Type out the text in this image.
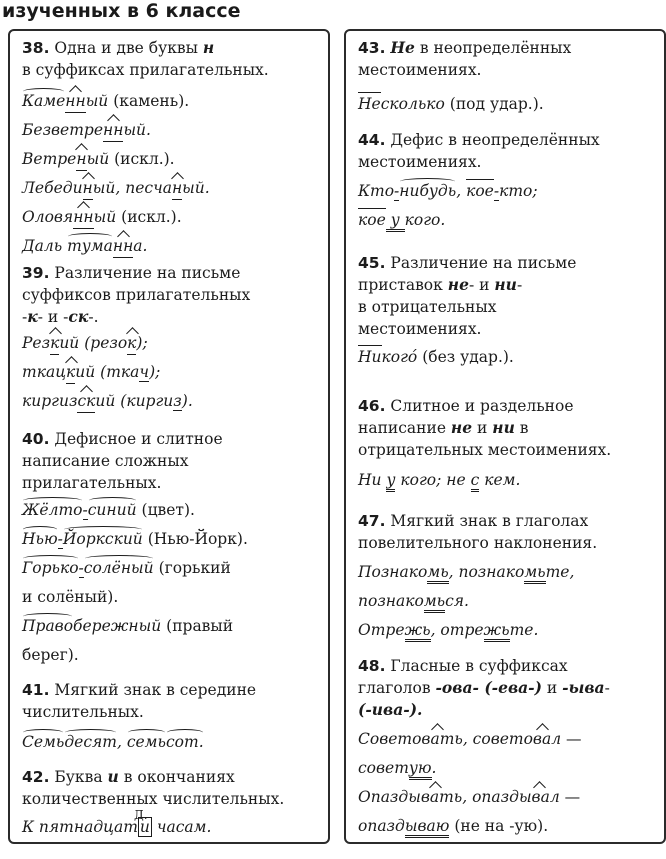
изученных в 6 классе
38. Одна и две буквы н
в суффиксах прилагательных.
Каменный (камень).
Безветренный.
Ветреный (искл.).
Лебединый, песчаный.
Оловянный (искл.).
Даль туманна.
39. Различение на письме
суффиксов прилагательных
-к- и -ск-.
Резкий (резок);
ткацкий (ткач);
киргизский (киргиз).
40. Дефисное и слитное
написание сложных
прилагательных.
Жёлто-синий (цвет).
Нью-Йоркский (Нью-Йорк).
Горько-солёный (горький
и солёный).
Правобережный (правый
берег).
41. Мягкий знак в середине
числительных.
Семьдесят, семьсот.
42. Буква и в окончаниях
количественных числительных.
К пятнадцат и часам.
Д.
43. Не в неопределённых
местоимениях.
Несколько (под удар.).
44. Дефис в неопределённых
местоимениях.
Кто-нибудь, кое-кто;
кое у кого.
45. Различение на письме
приставок не- и ни-
в отрицательных
местоимениях.
Никого́ (без удар.).
46. Слитное и раздельное
написание не и ни в
отрицательных местоимениях.
Ни у кого; не с кем.
47. Мягкий знак в глаголах
повелительного наклонения.
Познакомь, познакомьте,
познакомься.
Отрежь, отрежьте.
48. Гласные в суффиксах
глаголов -ова- (-ева-) и -ыва-
(-ива-).
Советовать, советовал —
советую.
Опаздывать, опаздывал —
опаздываю (не на -ую).
